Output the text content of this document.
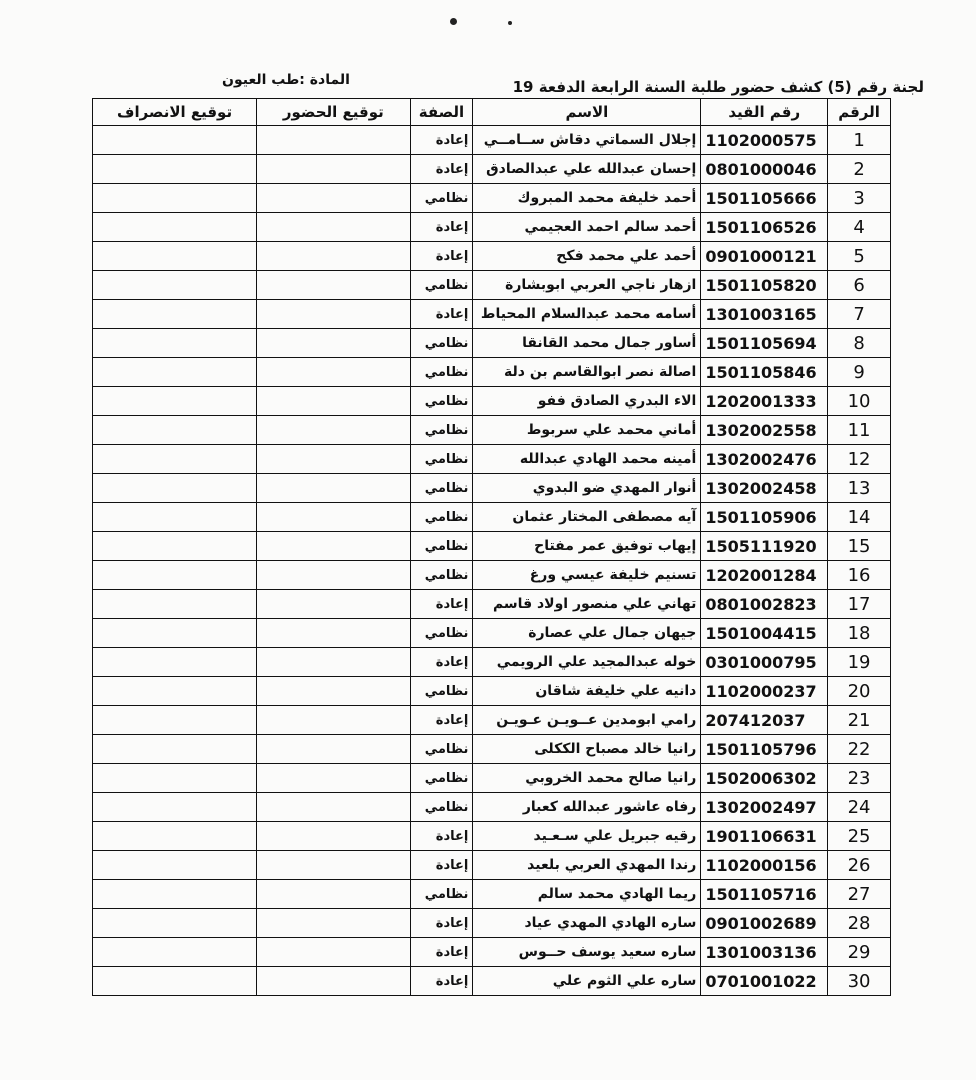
لجنة رقم (5) كشف حضور طلبة السنة الرابعة الدفعة 19
المادة :طب العيون
الرقم	رقم القيد	الاسم	الصفة	توقيع الحضور	توقيع الانصراف
1	1102000575	إجلال السماتي دقاش ســامــي	إعادة		
2	0801000046	إحسان عبدالله علي عبدالصادق	إعادة		
3	1501105666	أحمد خليفة محمد المبروك	نظامي		
4	1501106526	أحمد سالم احمد العجيمي	إعادة		
5	0901000121	أحمد علي محمد فكح	إعادة		
6	1501105820	ازهار ناجي العربي ابوبشارة	نظامي		
7	1301003165	أسامه محمد عبدالسلام المحياط	إعادة		
8	1501105694	أساور جمال محمد القانقا	نظامي		
9	1501105846	اصالة نصر ابوالقاسم بن دلة	نظامي		
10	1202001333	الاء البدري الصادق ففو	نظامي		
11	1302002558	أماني محمد علي سربوط	نظامي		
12	1302002476	أمينه محمد الهادي عبدالله	نظامي		
13	1302002458	أنوار المهدي ضو البدوي	نظامي		
14	1501105906	آيه مصطفى المختار عثمان	نظامي		
15	1505111920	إيهاب توفيق عمر مفتاح	نظامي		
16	1202001284	تسنيم خليفة عيسي ورغ	نظامي		
17	0801002823	تهاني علي منصور اولاد قاسم	إعادة		
18	1501004415	جيهان جمال علي عصارة	نظامي		
19	0301000795	خوله عبدالمجيد علي الرويمي	إعادة		
20	1102000237	دانيه علي خليفة شاقان	نظامي		
21	207412037	رامي ابومدين عــويـن عـويـن	إعادة		
22	1501105796	رانيا خالد مصباح الككلى	نظامي		
23	1502006302	رانيا صالح محمد الخروبي	نظامي		
24	1302002497	رفاه عاشور عبدالله كعبار	نظامي		
25	1901106631	رقيه جبريل علي سـعـيد	إعادة		
26	1102000156	رندا المهدي العربي بلعيد	إعادة		
27	1501105716	ريما الهادي محمد سالم	نظامي		
28	0901002689	ساره الهادي المهدي عياد	إعادة		
29	1301003136	ساره سعيد يوسف حــوس	إعادة		
30	0701001022	ساره علي الثوم علي	إعادة		
